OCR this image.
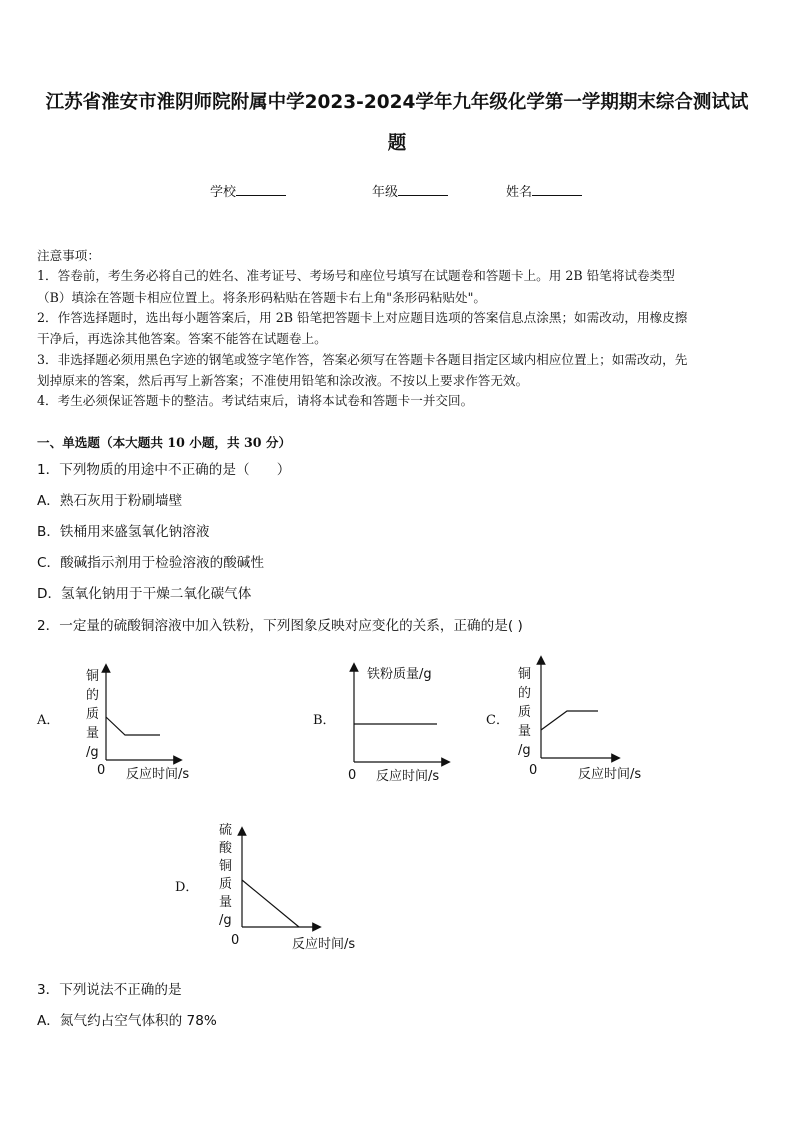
江苏省淮安市淮阴师院附属中学2023-2024学年九年级化学第一学期期末综合测试试
题
学校	年级	姓名
注意事项：
1．答卷前，考生务必将自己的姓名、准考证号、考场号和座位号填写在试题卷和答题卡上。用 2B 铅笔将试卷类型
（B）填涂在答题卡相应位置上。将条形码粘贴在答题卡右上角"条形码粘贴处"。
2．作答选择题时，选出每小题答案后，用 2B 铅笔把答题卡上对应题目选项的答案信息点涂黑；如需改动，用橡皮擦
干净后，再选涂其他答案。答案不能答在试题卷上。
3．非选择题必须用黑色字迹的钢笔或签字笔作答，答案必须写在答题卡各题目指定区域内相应位置上；如需改动，先
划掉原来的答案，然后再写上新答案；不准使用铅笔和涂改液。不按以上要求作答无效。
4．考生必须保证答题卡的整洁。考试结束后，请将本试卷和答题卡一并交回。
一、单选题（本大题共 10 小题，共 30 分）
1．下列物质的用途中不正确的是（　　）
A．熟石灰用于粉刷墙壁
B．铁桶用来盛氢氧化钠溶液
C．酸碱指示剂用于检验溶液的酸碱性
D．氢氧化钠用于干燥二氧化碳气体
2．一定量的硫酸铜溶液中加入铁粉，下列图象反映对应变化的关系，正确的是( )
A．
铜
的
质
量
/g
0 反应时间/s
B．
铁粉质量/g
0 反应时间/s
C．
铜
的
质
量
/g
0	反应时间/s
D．
硫
酸
铜
质
量
/g
0	反应时间/s
3．下列说法不正确的是
A．氮气约占空气体积的 78%
